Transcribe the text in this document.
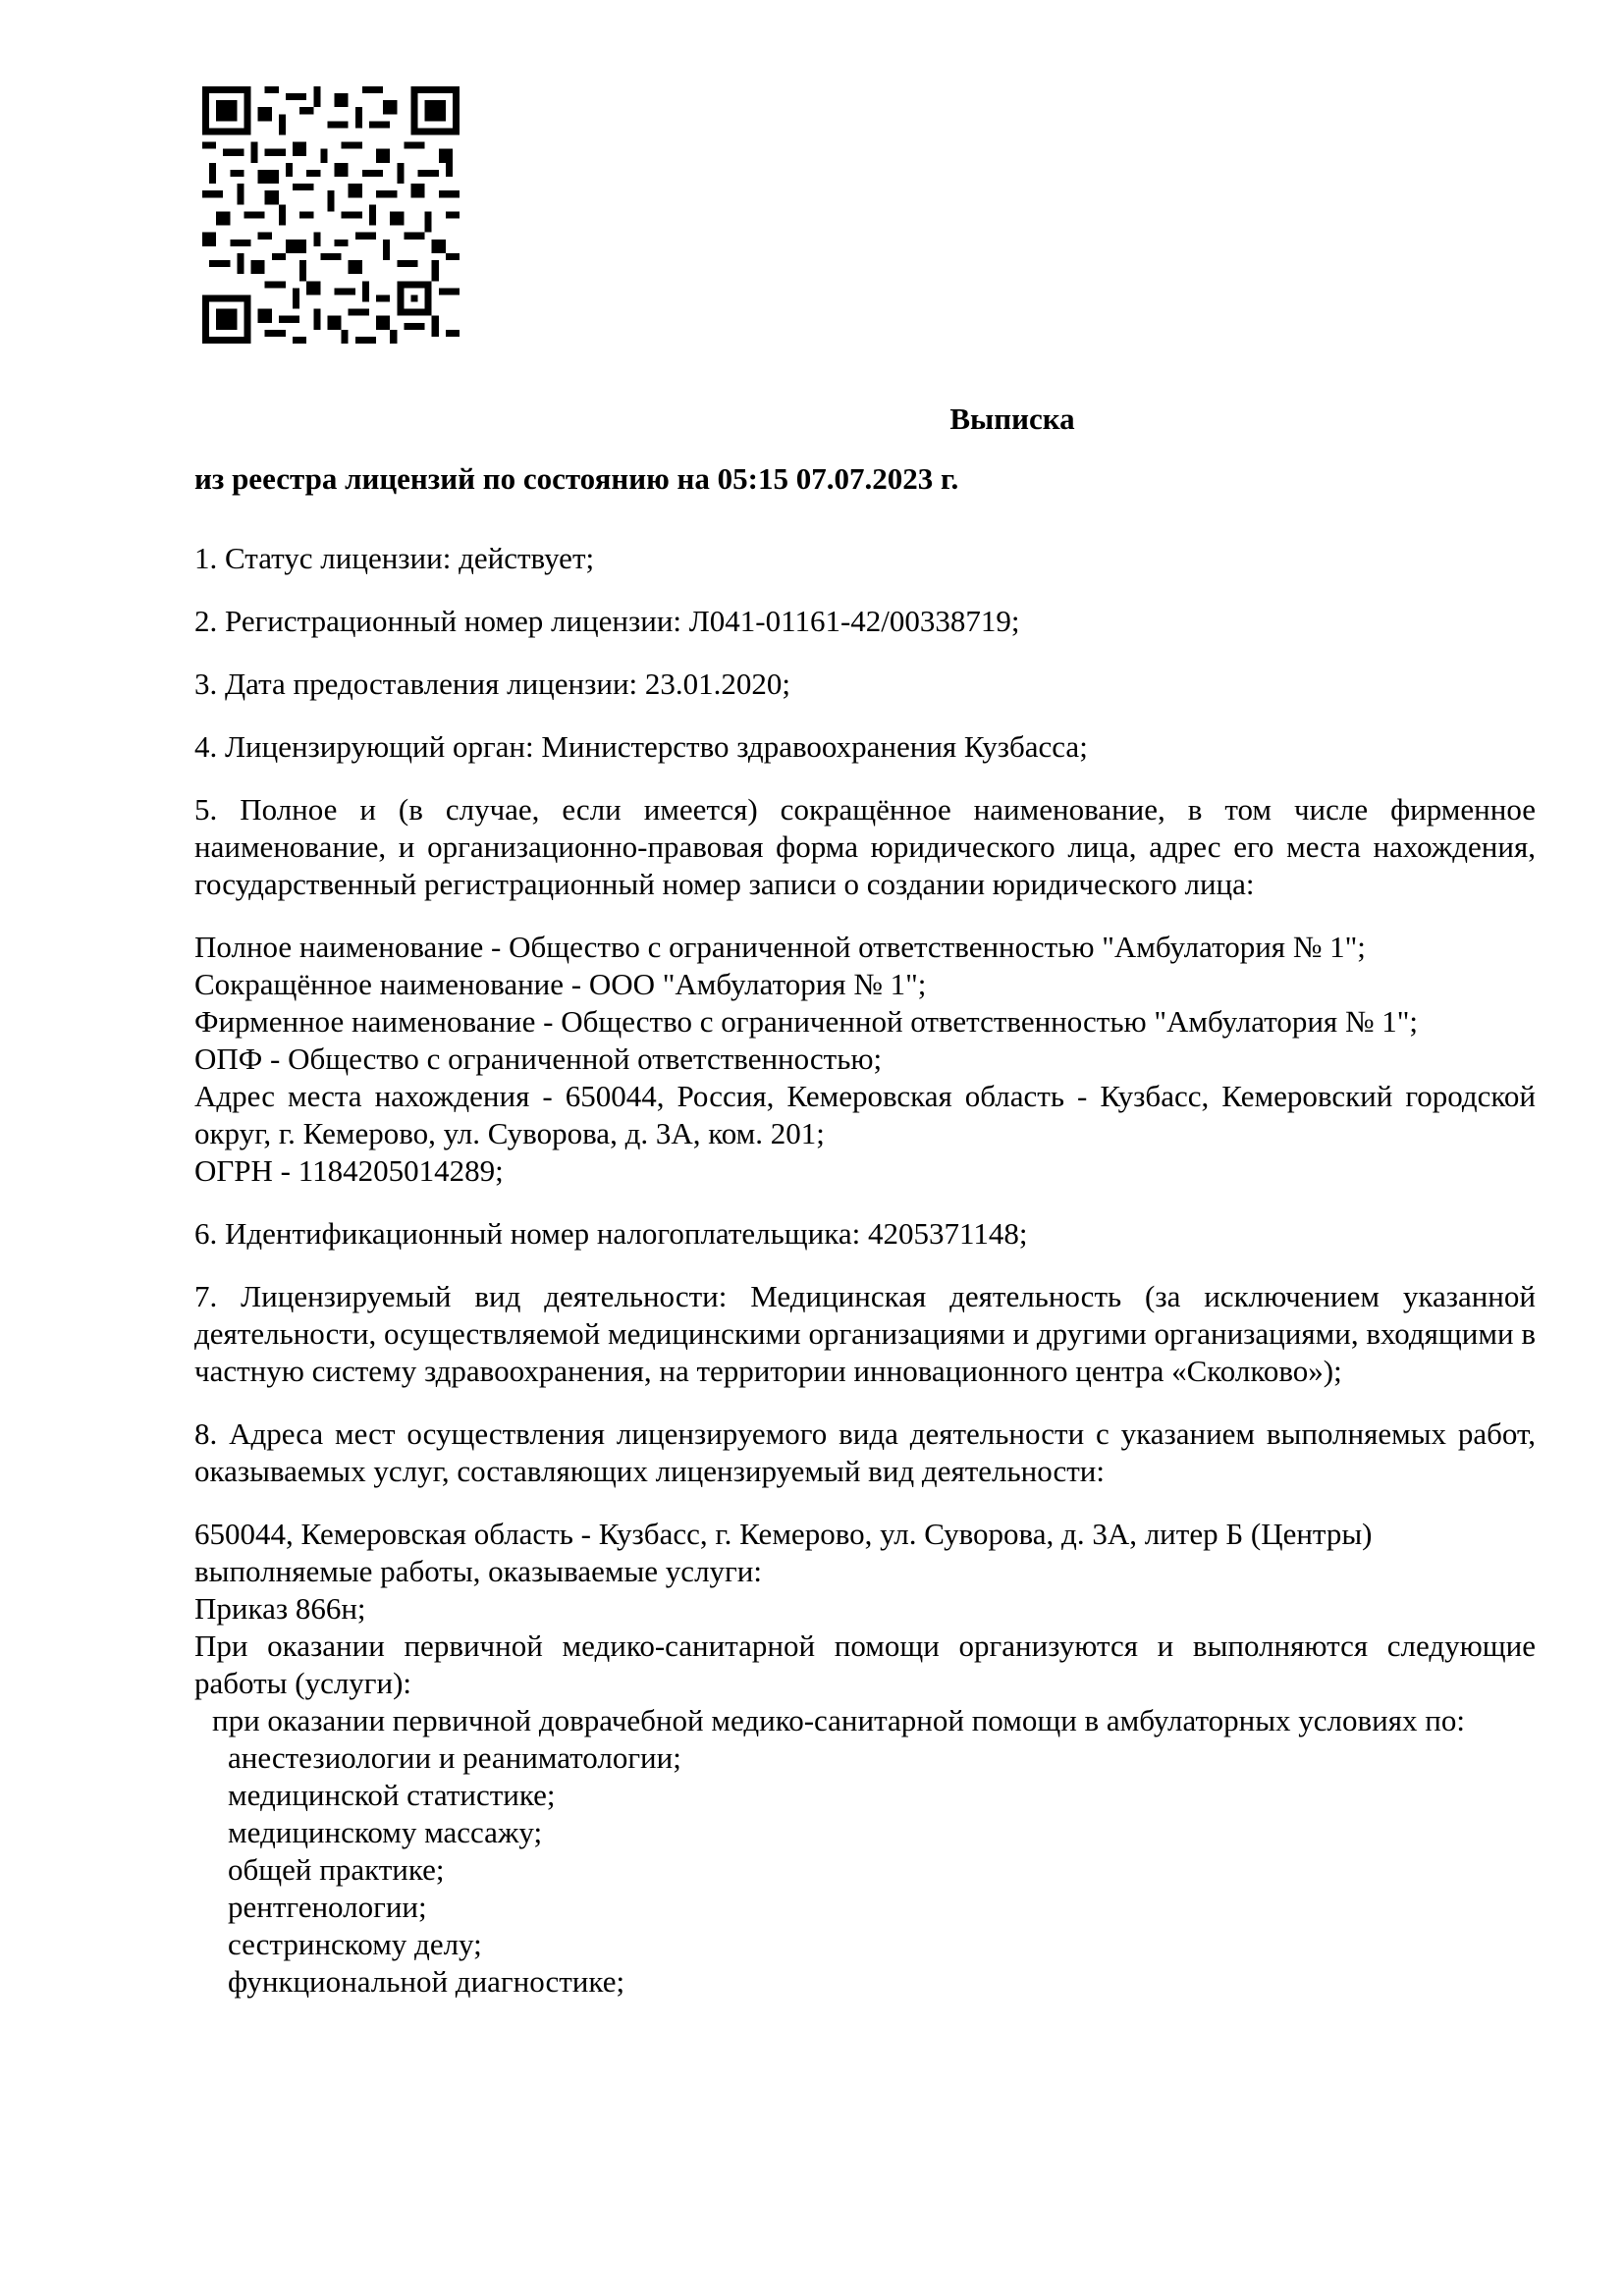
Выписка
из реестра лицензий по состоянию на 05:15 07.07.2023 г.
1. Статус лицензии: действует;
2. Регистрационный номер лицензии: Л041-01161-42/00338719;
3. Дата предоставления лицензии: 23.01.2020;
4. Лицензирующий орган: Министерство здравоохранения Кузбасса;
5. Полное и (в случае, если имеется) сокращённое наименование, в том числе фирменное наименование, и организационно-правовая форма юридического лица, адрес его места нахождения, государственный регистрационный номер записи о создании юридического лица:
Полное наименование - Общество с ограниченной ответственностью "Амбулатория № 1";
Сокращённое наименование - ООО "Амбулатория № 1";
Фирменное наименование - Общество с ограниченной ответственностью "Амбулатория № 1";
ОПФ - Общество с ограниченной ответственностью;
Адрес места нахождения - 650044, Россия, Кемеровская область - Кузбасс, Кемеровский городской округ, г. Кемерово, ул. Суворова, д. 3А, ком. 201;
ОГРН - 1184205014289;
6. Идентификационный номер налогоплательщика: 4205371148;
7. Лицензируемый вид деятельности: Медицинская деятельность (за исключением указанной деятельности, осуществляемой медицинскими организациями и другими организациями, входящими в частную систему здравоохранения, на территории инновационного центра «Сколково»);
8. Адреса мест осуществления лицензируемого вида деятельности с указанием выполняемых работ, оказываемых услуг, составляющих лицензируемый вид деятельности:
650044, Кемеровская область - Кузбасс, г. Кемерово, ул. Суворова, д. 3А, литер Б (Центры)
выполняемые работы, оказываемые услуги:
Приказ 866н;
При оказании первичной медико-санитарной помощи организуются и выполняются следующие работы (услуги):
при оказании первичной доврачебной медико-санитарной помощи в амбулаторных условиях по:
анестезиологии и реаниматологии;
медицинской статистике;
медицинскому массажу;
общей практике;
рентгенологии;
сестринскому делу;
функциональной диагностике;
